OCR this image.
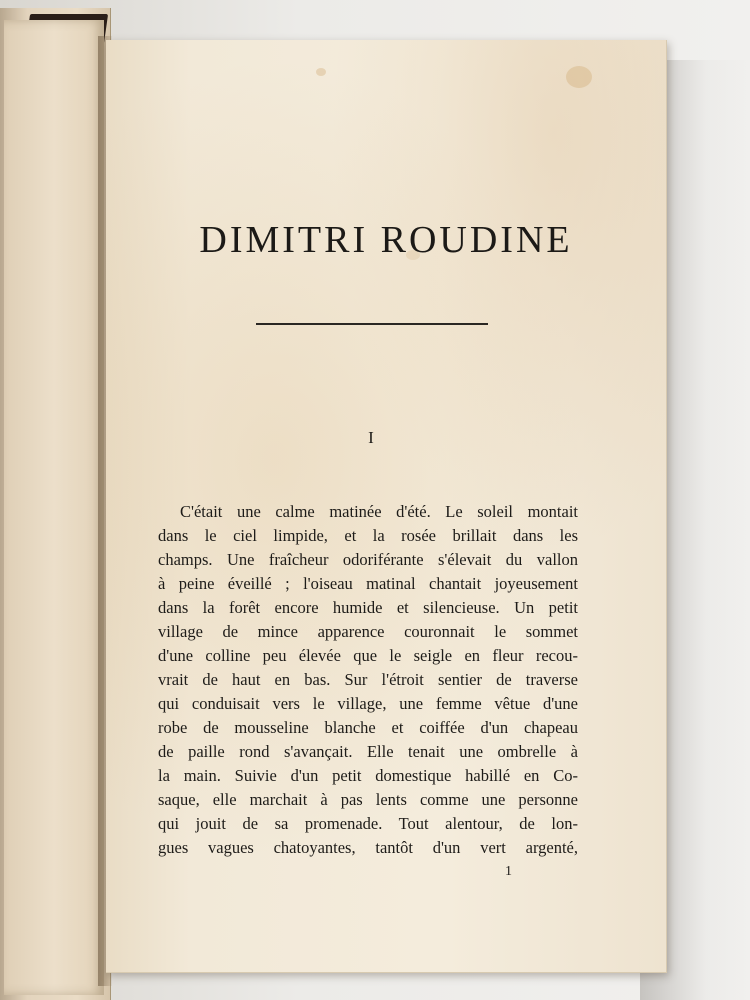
DIMITRI ROUDINE
I
C'était une calme matinée d'été. Le soleil montait
dans le ciel limpide, et la rosée brillait dans les
champs. Une fraîcheur odoriférante s'élevait du vallon
à peine éveillé ; l'oiseau matinal chantait joyeusement
dans la forêt encore humide et silencieuse. Un petit
village de mince apparence couronnait le sommet
d'une colline peu élevée que le seigle en fleur recou-
vrait de haut en bas. Sur l'étroit sentier de traverse
qui conduisait vers le village, une femme vêtue d'une
robe de mousseline blanche et coiffée d'un chapeau
de paille rond s'avançait. Elle tenait une ombrelle à
la main. Suivie d'un petit domestique habillé en Co-
saque, elle marchait à pas lents comme une personne
qui jouit de sa promenade. Tout alentour, de lon-
gues vagues chatoyantes, tantôt d'un vert argenté,
1
